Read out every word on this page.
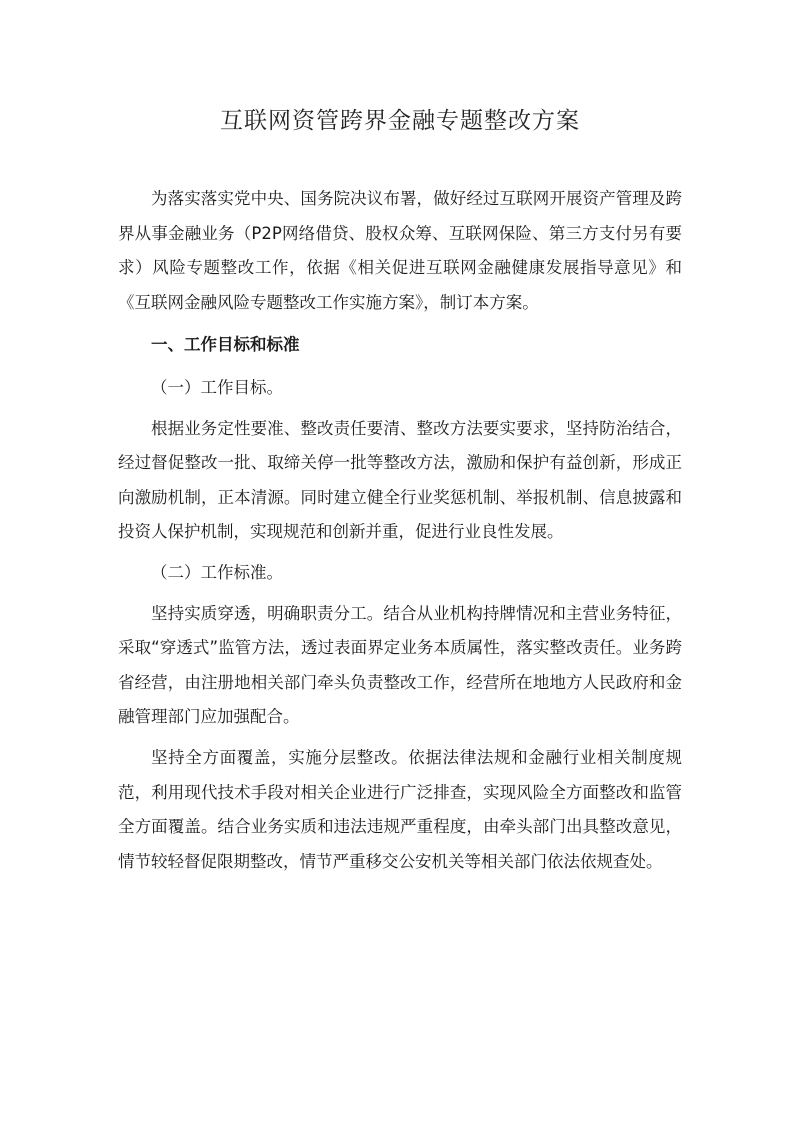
互联网资管跨界金融专题整改方案

为落实落实党中央、国务院决议布署，做好经过互联网开展资产管理及跨界从事金融业务（P2P网络借贷、股权众筹、互联网保险、第三方支付另有要求）风险专题整改工作，依据《相关促进互联网金融健康发展指导意见》和《互联网金融风险专题整改工作实施方案》，制订本方案。

一、工作目标和标准

（一）工作目标。

根据业务定性要准、整改责任要清、整改方法要实要求，坚持防治结合，经过督促整改一批、取缔关停一批等整改方法，激励和保护有益创新，形成正向激励机制，正本清源。同时建立健全行业奖惩机制、举报机制、信息披露和投资人保护机制，实现规范和创新并重，促进行业良性发展。

（二）工作标准。

坚持实质穿透，明确职责分工。结合从业机构持牌情况和主营业务特征，采取“穿透式”监管方法，透过表面界定业务本质属性，落实整改责任。业务跨省经营，由注册地相关部门牵头负责整改工作，经营所在地地方人民政府和金融管理部门应加强配合。

坚持全方面覆盖，实施分层整改。依据法律法规和金融行业相关制度规范，利用现代技术手段对相关企业进行广泛排查，实现风险全方面整改和监管全方面覆盖。结合业务实质和违法违规严重程度，由牵头部门出具整改意见，情节较轻督促限期整改，情节严重移交公安机关等相关部门依法依规查处。
